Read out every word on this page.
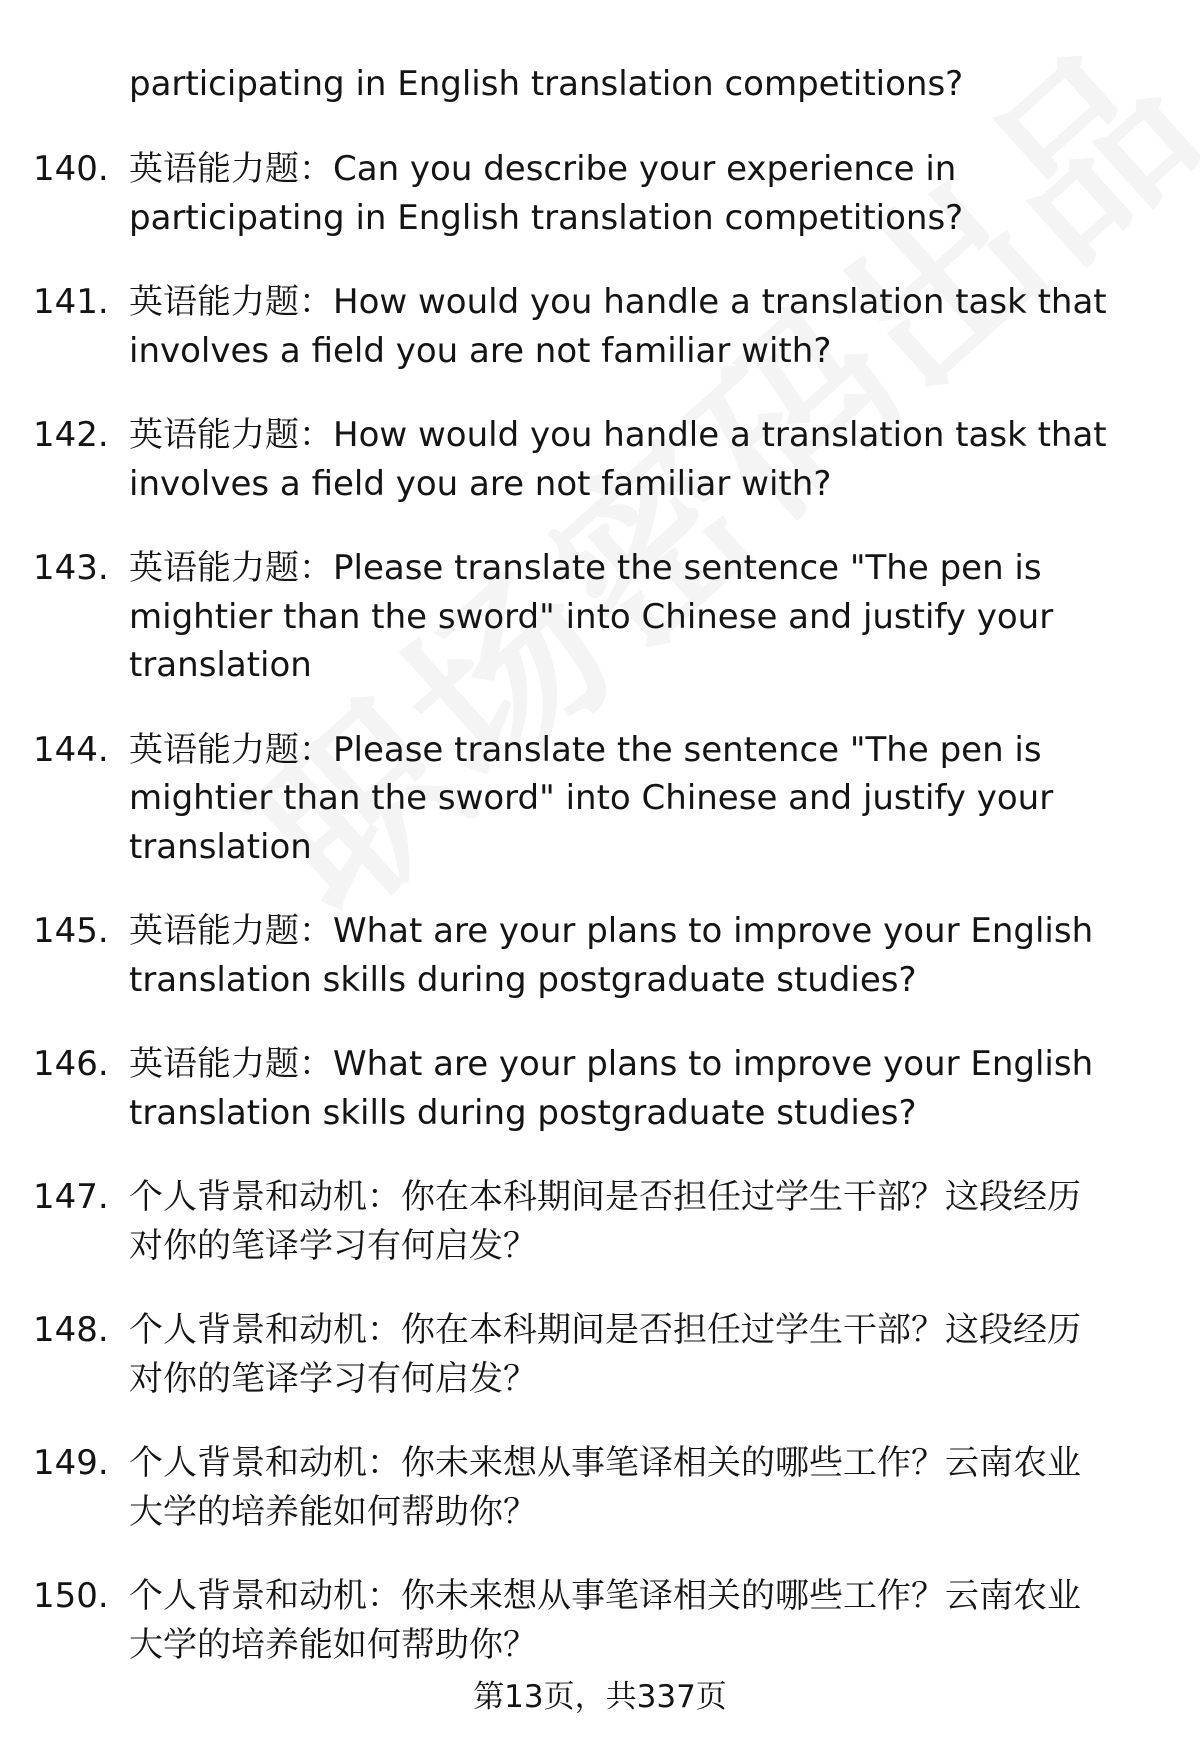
participating in English translation competitions?
140. 英语能力题：Can you describe your experience in
participating in English translation competitions?
141. 英语能力题：How would you handle a translation task that
involves a field you are not familiar with?
142. 英语能力题：How would you handle a translation task that
involves a field you are not familiar with?
143. 英语能力题：Please translate the sentence "The pen is
mightier than the sword" into Chinese and justify your
translation
144. 英语能力题：Please translate the sentence "The pen is
mightier than the sword" into Chinese and justify your
translation
145. 英语能力题：What are your plans to improve your English
translation skills during postgraduate studies?
146. 英语能力题：What are your plans to improve your English
translation skills during postgraduate studies?
147. 个人背景和动机：你在本科期间是否担任过学生干部？这段经历
对你的笔译学习有何启发？
148. 个人背景和动机：你在本科期间是否担任过学生干部？这段经历
对你的笔译学习有何启发？
149. 个人背景和动机：你未来想从事笔译相关的哪些工作？云南农业
大学的培养能如何帮助你？
150. 个人背景和动机：你未来想从事笔译相关的哪些工作？云南农业
大学的培养能如何帮助你？
第13页，共337页
